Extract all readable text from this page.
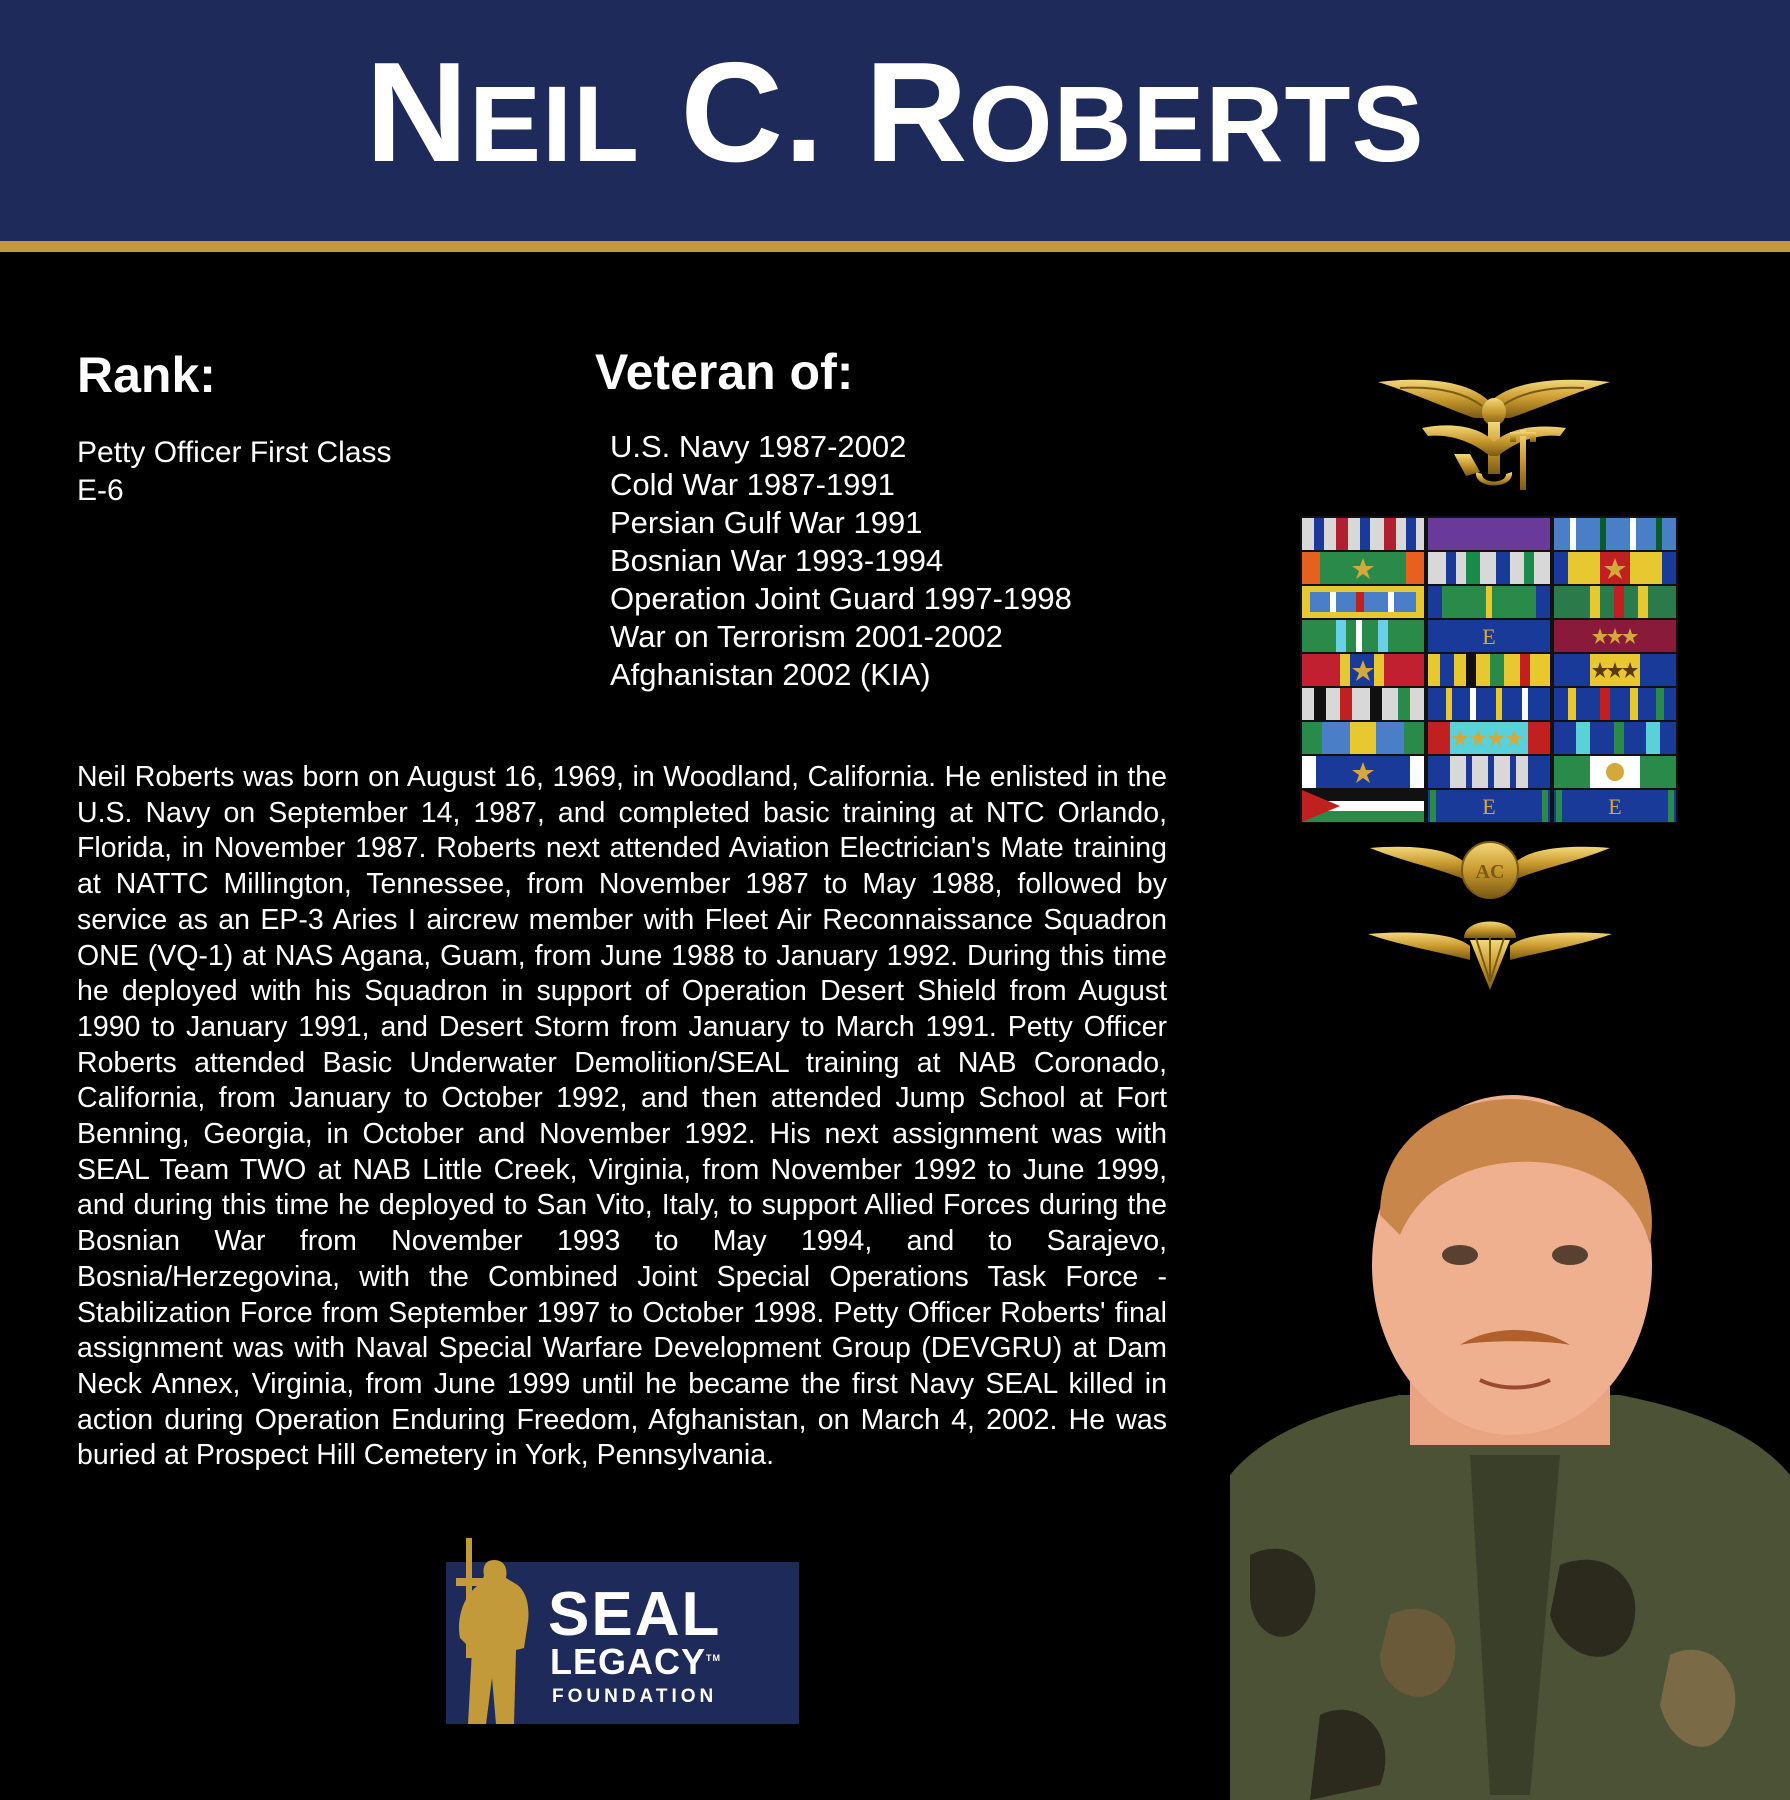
NEIL C. ROBERTS
Rank:
Petty Officer First Class
E-6
Veteran of:
U.S. Navy 1987-2002
Cold War 1987-1991
Persian Gulf War 1991
Bosnian War 1993-1994
Operation Joint Guard 1997-1998
War on Terrorism 2001-2002
Afghanistan 2002 (KIA)

Neil Roberts was born on August 16, 1969, in Woodland, California. He enlisted in the U.S. Navy on September 14, 1987, and completed basic training at NTC Orlando, Florida, in November 1987. Roberts next attended Aviation Electrician's Mate training at NATTC Millington, Tennessee, from November 1987 to May 1988, followed by service as an EP-3 Aries I aircrew member with Fleet Air Reconnaissance Squadron ONE (VQ-1) at NAS Agana, Guam, from June 1988 to January 1992. During this time he deployed with his Squadron in support of Operation Desert Shield from August 1990 to January 1991, and Desert Storm from January to March 1991. Petty Officer Roberts attended Basic Underwater Demolition/SEAL training at NAB Coronado, California, from January to October 1992, and then attended Jump School at Fort Benning, Georgia, in October and November 1992. His next assignment was with SEAL Team TWO at NAB Little Creek, Virginia, from November 1992 to June 1999, and during this time he deployed to San Vito, Italy, to support Allied Forces during the Bosnian War from November 1993 to May 1994, and to Sarajevo, Bosnia/Herzegovina, with the Combined Joint Special Operations Task Force - Stabilization Force from September 1997 to October 1998. Petty Officer Roberts' final assignment was with Naval Special Warfare Development Group (DEVGRU) at Dam Neck Annex, Virginia, from June 1999 until he became the first Navy SEAL killed in action during Operation Enduring Freedom, Afghanistan, on March 4, 2002. He was buried at Prospect Hill Cemetery in York, Pennsylvania.

E
E	E
AC
SEAL
LEGACY™
FOUNDATION
